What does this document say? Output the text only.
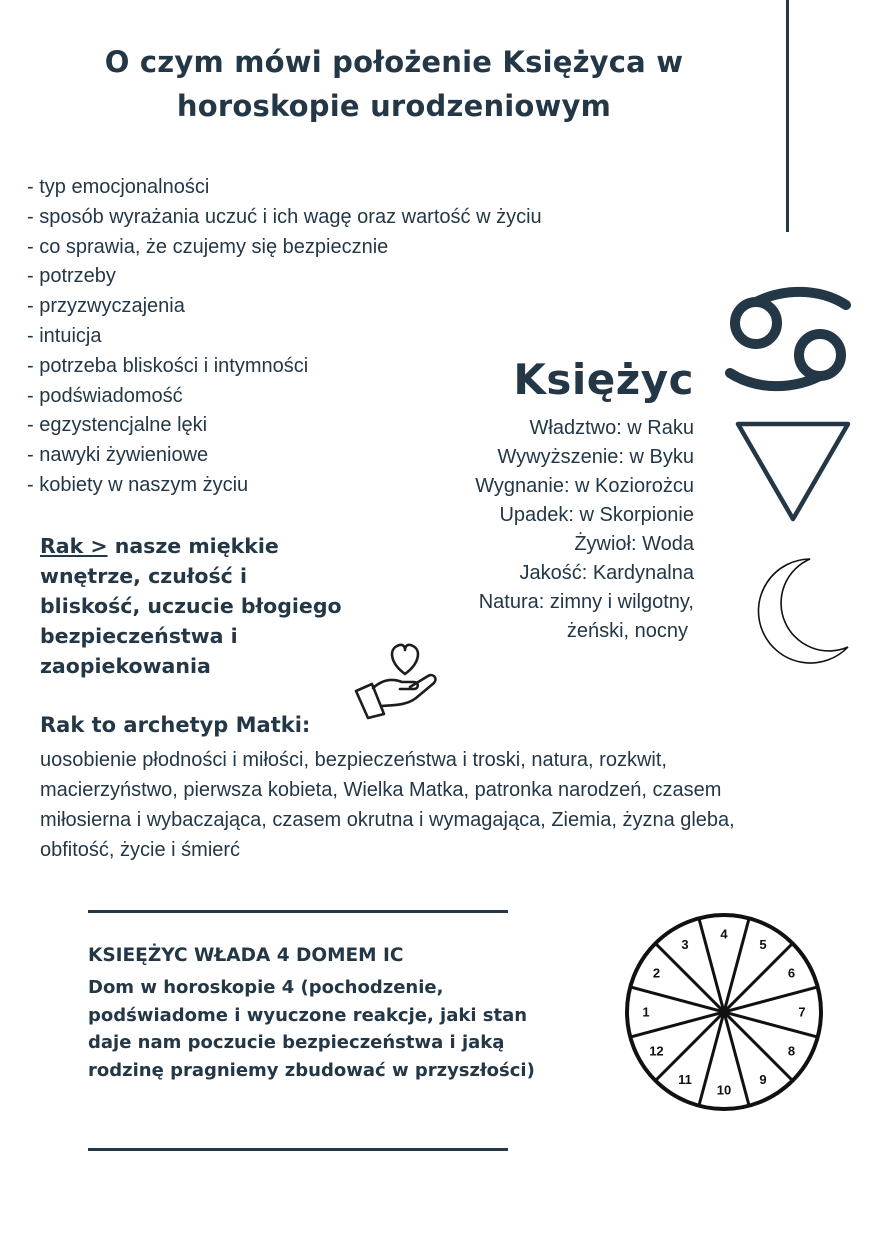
O czym mówi położenie Księżyca w horoskopie urodzeniowym
- typ emocjonalności
- sposób wyrażania uczuć i ich wagę oraz wartość w życiu
- co sprawia, że czujemy się bezpiecznie
- potrzeby
- przyzwyczajenia
- intuicja
- potrzeba bliskości i intymności
- podświadomość
- egzystencjalne lęki
- nawyki żywieniowe
- kobiety w naszym życiu
Księżyc
Władztwo: w Raku
Wywyższenie: w Byku
Wygnanie: w Koziorożcu
Upadek: w Skorpionie
Żywioł: Woda
Jakość: Kardynalna
Natura: zimny i wilgotny,
żeński, nocny
Rak > nasze miękkie wnętrze, czułość i bliskość, uczucie błogiego bezpieczeństwa i zaopiekowania
Rak to archetyp Matki:
uosobienie płodności i miłości, bezpieczeństwa i troski, natura, rozkwit, macierzyństwo, pierwsza kobieta, Wielka Matka, patronka narodzeń, czasem miłosierna i wybaczająca, czasem okrutna i wymagająca, Ziemia, żyzna gleba, obfitość, życie i śmierć
KSIEĘŻYC WŁADA 4 DOMEM IC
Dom w horoskopie 4 (pochodzenie, podświadome i wyuczone reakcje, jaki stan daje nam poczucie bezpieczeństwa i jaką rodzinę pragniemy zbudować w przyszłości)
1
2
3
4
5
6
7
8
9
10
11
12
